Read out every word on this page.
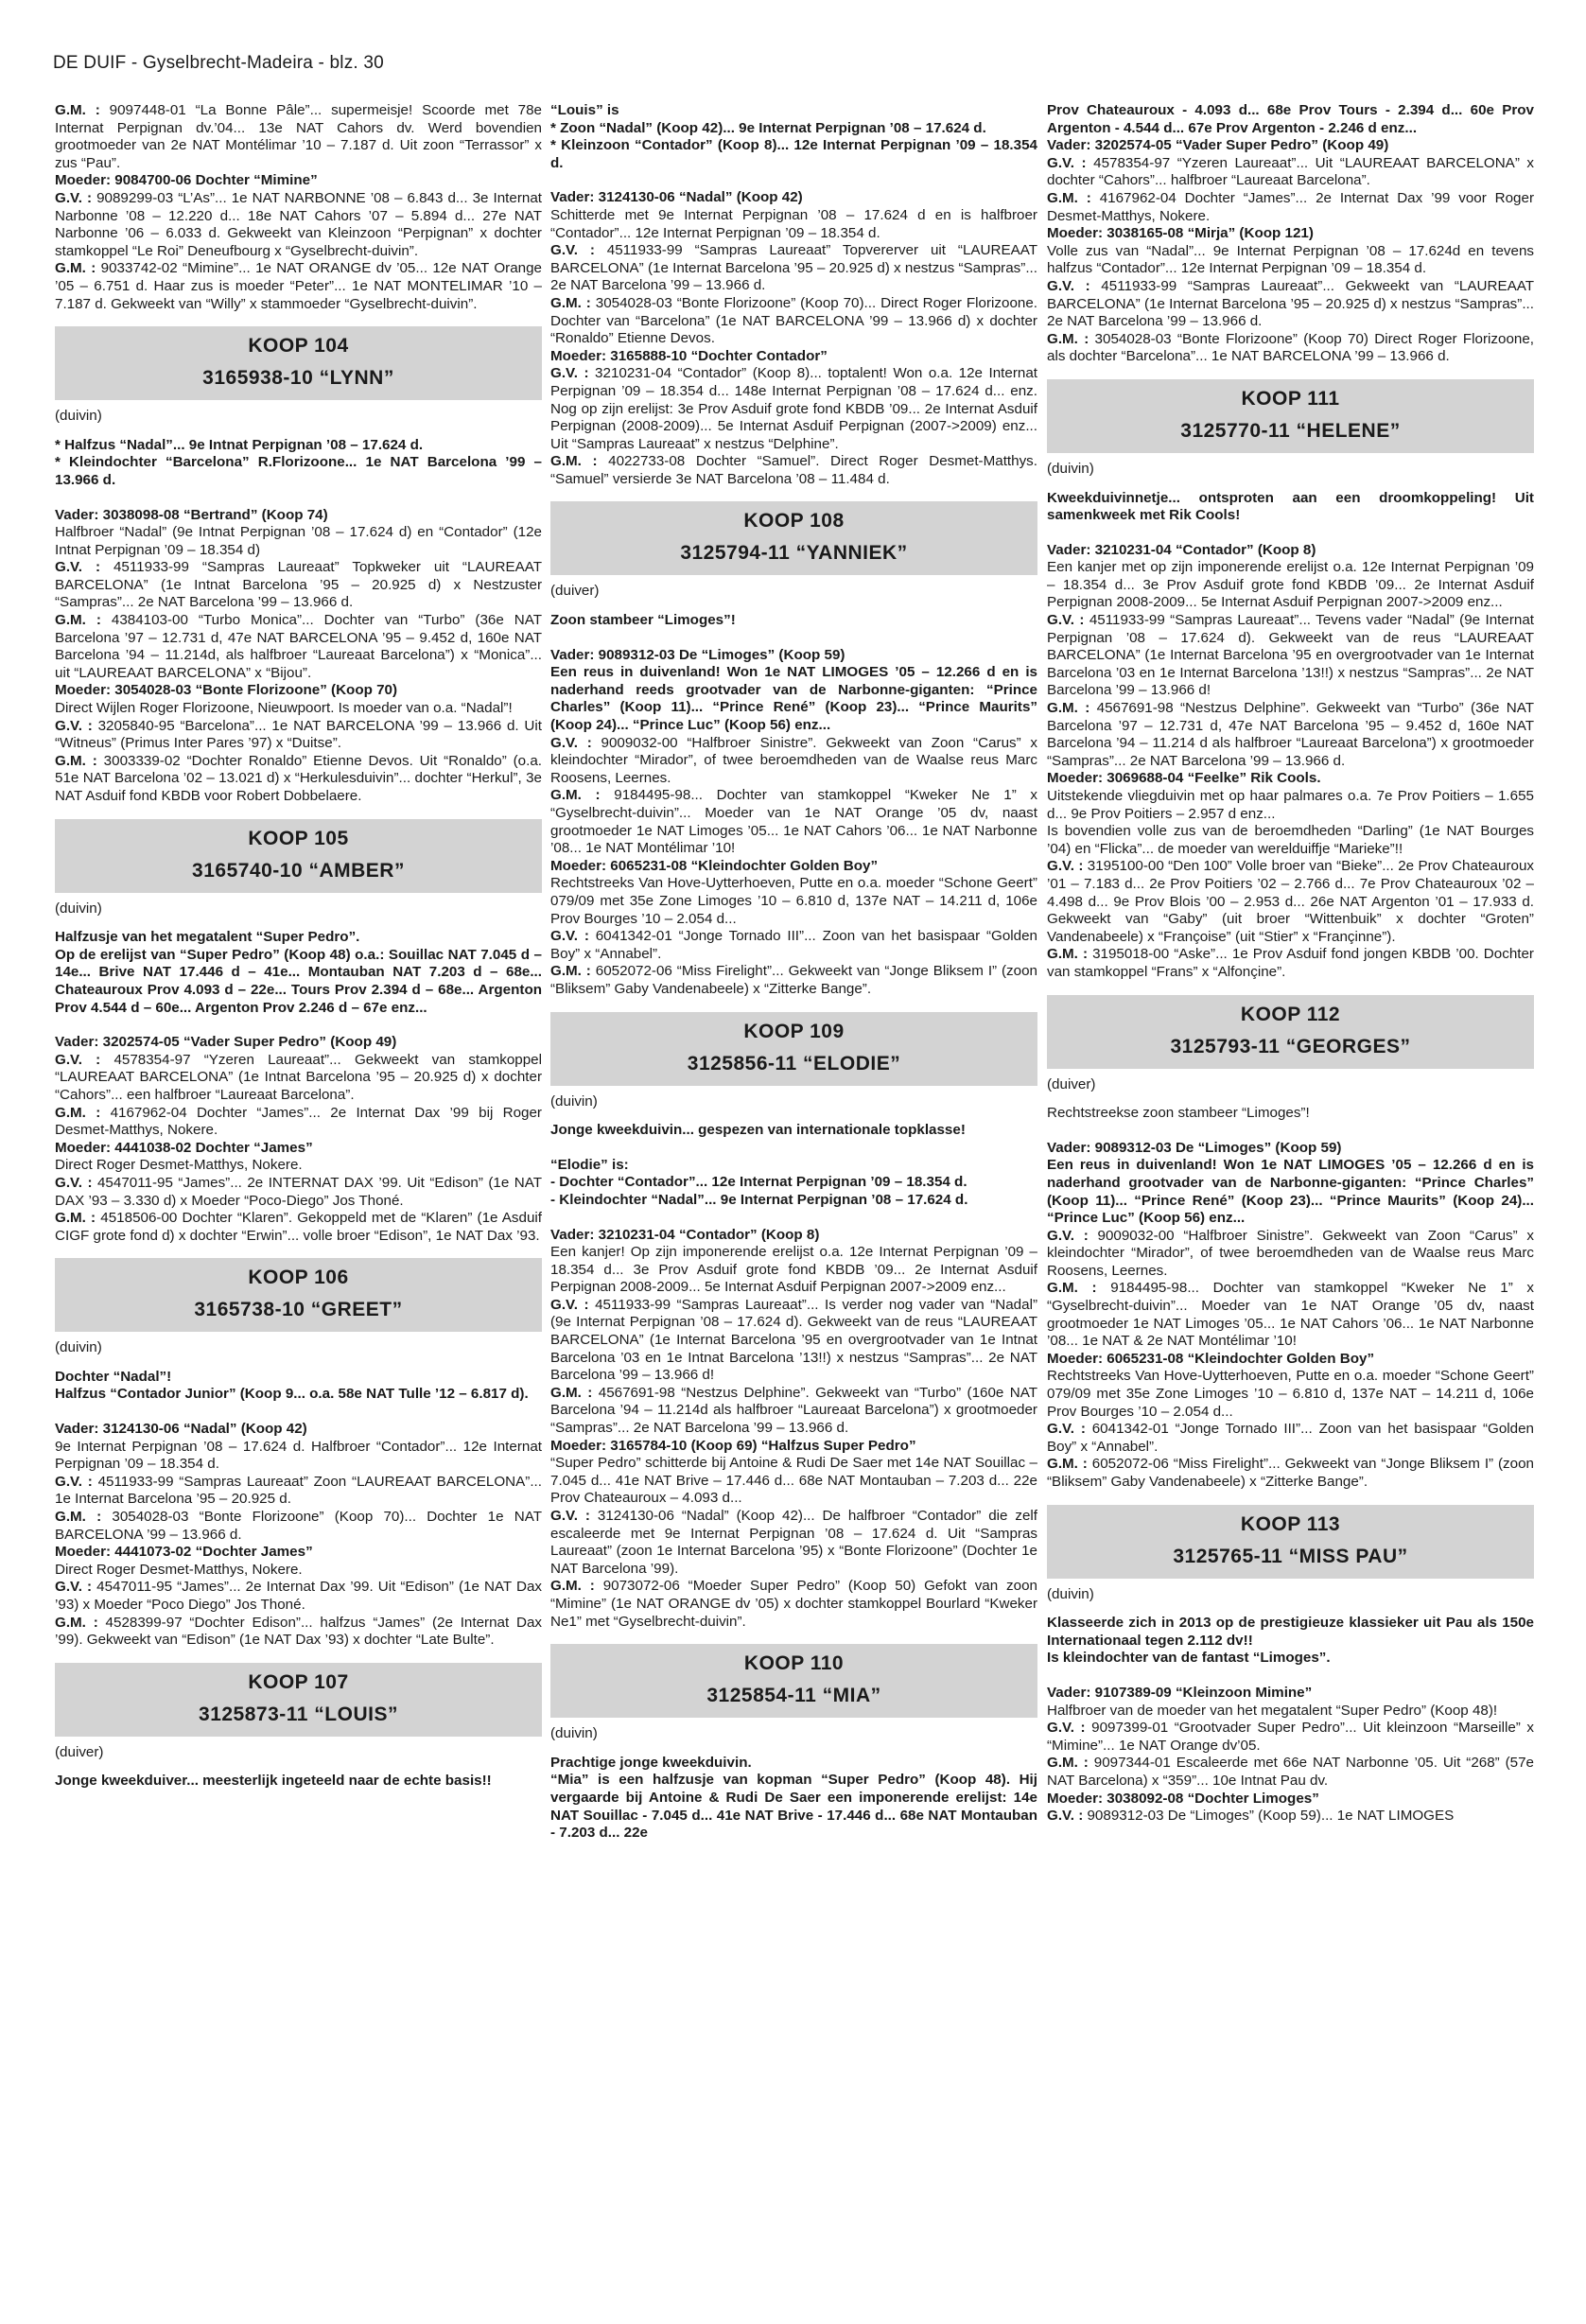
DE DUIF - Gyselbrecht-Madeira - blz. 30

G.M. : 9097448-01 “La Bonne Pâle”... supermeisje! Scoorde met 78e Internat Perpignan dv.’04... 13e NAT Cahors dv. Werd bovendien grootmoeder van 2e NAT Montélimar ’10 – 7.187 d. Uit zoon “Terrassor” x zus “Pau”.

Moeder: 9084700-06 Dochter “Mimine”

G.V. : 9089299-03 “L’As”... 1e NAT NARBONNE ’08 – 6.843 d... 3e Internat Narbonne ’08 – 12.220 d... 18e NAT Cahors ’07 – 5.894 d... 27e NAT Narbonne ’06 – 6.033 d. Gekweekt van Kleinzoon “Perpignan” x dochter stamkoppel “Le Roi” Deneufbourg x “Gyselbrecht-duivin”.

G.M. : 9033742-02 “Mimine”... 1e NAT ORANGE dv ’05... 12e NAT Orange ’05 – 6.751 d. Haar zus is moeder “Peter”... 1e NAT MONTELIMAR ’10 – 7.187 d. Gekweekt van “Willy” x stammoeder “Gyselbrecht-duivin”.

KOOP 104
3165938-10 “LYNN”
(duivin)

* Halfzus “Nadal”... 9e Intnat Perpignan ’08 – 17.624 d.

* Kleindochter “Barcelona” R.Florizoone... 1e NAT Barcelona ’99 – 13.966 d.

Vader: 3038098-08 “Bertrand” (Koop 74)

Halfbroer “Nadal” (9e Intnat Perpignan ’08 – 17.624 d) en “Contador” (12e Intnat Perpignan ’09 – 18.354 d)

G.V. : 4511933-99 “Sampras Laureaat” Topkweker uit “LAUREAAT BARCELONA” (1e Intnat Barcelona ’95 – 20.925 d) x Nestzuster “Sampras”... 2e NAT Barcelona ’99 – 13.966 d.

G.M. : 4384103-00 “Turbo Monica”... Dochter van “Turbo” (36e NAT Barcelona ’97 – 12.731 d, 47e NAT BARCELONA ’95 – 9.452 d, 160e NAT Barcelona ’94 – 11.214d, als halfbroer “Laureaat Barcelona”) x “Monica”... uit “LAUREAAT BARCELONA” x “Bijou”.

Moeder: 3054028-03 “Bonte Florizoone” (Koop 70)

Direct Wijlen Roger Florizoone, Nieuwpoort. Is moeder van o.a. “Nadal”!

G.V. : 3205840-95 “Barcelona”... 1e NAT BARCELONA ’99 – 13.966 d. Uit “Witneus” (Primus Inter Pares ’97) x “Duitse”.

G.M. : 3003339-02 “Dochter Ronaldo” Etienne Devos. Uit “Ronaldo” (o.a. 51e NAT Barcelona ’02 – 13.021 d) x “Herkulesduivin”... dochter “Herkul”, 3e NAT Asduif fond KBDB voor Robert Dobbelaere.

KOOP 105
3165740-10 “AMBER”
(duivin)

Halfzusje van het megatalent “Super Pedro”.

Op de erelijst van “Super Pedro” (Koop 48) o.a.: Souillac NAT 7.045 d – 14e... Brive NAT 17.446 d – 41e... Montauban NAT 7.203 d – 68e... Chateauroux Prov 4.093 d – 22e... Tours Prov 2.394 d – 68e... Argenton Prov 4.544 d – 60e... Argenton Prov 2.246 d – 67e enz...

Vader: 3202574-05 “Vader Super Pedro” (Koop 49)

G.V. : 4578354-97 “Yzeren Laureaat”... Gekweekt van stamkoppel “LAUREAAT BARCELONA” (1e Intnat Barcelona ’95 – 20.925 d) x dochter “Cahors”... een halfbroer “Laureaat Barcelona”.

G.M. : 4167962-04 Dochter “James”... 2e Internat Dax ’99 bij Roger Desmet-Matthys, Nokere.

Moeder: 4441038-02 Dochter “James”

Direct Roger Desmet-Matthys, Nokere.

G.V. : 4547011-95 “James”... 2e INTERNAT DAX ’99. Uit “Edison” (1e NAT DAX ’93 – 3.330 d) x Moeder “Poco-Diego” Jos Thoné.

G.M. : 4518506-00 Dochter “Klaren”. Gekoppeld met de “Klaren” (1e Asduif CIGF grote fond d) x dochter “Erwin”... volle broer “Edison”, 1e NAT Dax ’93.

KOOP 106
3165738-10 “GREET”
(duivin)

Dochter “Nadal”!

Halfzus “Contador Junior” (Koop 9... o.a. 58e NAT Tulle ’12 – 6.817 d).

Vader: 3124130-06 “Nadal” (Koop 42)

9e Internat Perpignan ’08 – 17.624 d. Halfbroer “Contador”... 12e Internat Perpignan ’09 – 18.354 d.

G.V. : 4511933-99 “Sampras Laureaat” Zoon “LAUREAAT BARCELONA”... 1e Internat Barcelona ’95 – 20.925 d.

G.M. : 3054028-03 “Bonte Florizoone” (Koop 70)... Dochter 1e NAT BARCELONA ’99 – 13.966 d.

Moeder: 4441073-02 “Dochter James”

Direct Roger Desmet-Matthys, Nokere.

G.V. : 4547011-95 “James”... 2e Internat Dax ’99. Uit “Edison” (1e NAT Dax ’93) x Moeder “Poco Diego” Jos Thoné.

G.M. : 4528399-97 “Dochter Edison”... halfzus “James” (2e Internat Dax ’99). Gekweekt van “Edison” (1e NAT Dax ’93) x dochter “Late Bulte”.

KOOP 107
3125873-11 “LOUIS”
(duiver)

Jonge kweekduiver... meesterlijk ingeteeld naar de echte basis!!

“Louis” is

* Zoon “Nadal” (Koop 42)... 9e Internat Perpignan ’08 – 17.624 d.

* Kleinzoon “Contador” (Koop 8)... 12e Internat Perpignan ’09 – 18.354 d.

Vader: 3124130-06 “Nadal” (Koop 42)

Schitterde met 9e Internat Perpignan ’08 – 17.624 d en is halfbroer “Contador”... 12e Internat Perpignan ’09 – 18.354 d.

G.V. : 4511933-99 “Sampras Laureaat” Topvererver uit “LAUREAAT BARCELONA” (1e Internat Barcelona ’95 – 20.925 d) x nestzus “Sampras”... 2e NAT Barcelona ’99 – 13.966 d.

G.M. : 3054028-03 “Bonte Florizoone” (Koop 70)... Direct Roger Florizoone. Dochter van “Barcelona” (1e NAT BARCELONA ’99 – 13.966 d) x dochter “Ronaldo” Etienne Devos.

Moeder: 3165888-10 “Dochter Contador”

G.V. : 3210231-04 “Contador” (Koop 8)... toptalent! Won o.a. 12e Internat Perpignan ’09 – 18.354 d... 148e Internat Perpignan ’08 – 17.624 d... enz. Nog op zijn erelijst: 3e Prov Asduif grote fond KBDB ’09... 2e Internat Asduif Perpignan (2008-2009)... 5e Internat Asduif Perpignan (2007->2009) enz... Uit “Sampras Laureaat” x nestzus “Delphine”.

G.M. : 4022733-08 Dochter “Samuel”. Direct Roger Desmet-Matthys. “Samuel” versierde 3e NAT Barcelona ’08 – 11.484 d.

KOOP 108
3125794-11 “YANNIEK”
(duiver)

Zoon stambeer “Limoges”!

Vader: 9089312-03 De “Limoges” (Koop 59)

Een reus in duivenland! Won 1e NAT LIMOGES ’05 – 12.266 d en is naderhand reeds grootvader van de Narbonne-giganten: “Prince Charles” (Koop 11)... “Prince René” (Koop 23)... “Prince Maurits” (Koop 24)... “Prince Luc” (Koop 56) enz...

G.V. : 9009032-00 “Halfbroer Sinistre”. Gekweekt van Zoon “Carus” x kleindochter “Mirador”, of twee beroemdheden van de Waalse reus Marc Roosens, Leernes.

G.M. : 9184495-98... Dochter van stamkoppel “Kweker Ne 1” x “Gyselbrecht-duivin”... Moeder van 1e NAT Orange ’05 dv, naast grootmoeder 1e NAT Limoges ’05... 1e NAT Cahors ’06... 1e NAT Narbonne ’08... 1e NAT Montélimar ’10!

Moeder: 6065231-08 “Kleindochter Golden Boy”

Rechtstreeks Van Hove-Uytterhoeven, Putte en o.a. moeder “Schone Geert” 079/09 met 35e Zone Limoges ’10 – 6.810 d, 137e NAT – 14.211 d, 106e Prov Bourges ’10 – 2.054 d...

G.V. : 6041342-01 “Jonge Tornado III”... Zoon van het basispaar “Golden Boy” x “Annabel”.

G.M. : 6052072-06 “Miss Firelight”... Gekweekt van “Jonge Bliksem I” (zoon “Bliksem” Gaby Vandenabeele) x “Zitterke Bange”.

KOOP 109
3125856-11 “ELODIE”
(duivin)

Jonge kweekduivin... gespezen van internationale topklasse!

“Elodie” is:

- Dochter “Contador”... 12e Internat Perpignan ’09 – 18.354 d.

- Kleindochter “Nadal”... 9e Internat Perpignan ’08 – 17.624 d.

Vader: 3210231-04 “Contador” (Koop 8)

Een kanjer! Op zijn imponerende erelijst o.a. 12e Internat Perpignan ’09 – 18.354 d... 3e Prov Asduif grote fond KBDB ’09... 2e Internat Asduif Perpignan 2008-2009... 5e Internat Asduif Perpignan 2007->2009 enz...

G.V. : 4511933-99 “Sampras Laureaat”... Is verder nog vader van “Nadal” (9e Internat Perpignan ’08 – 17.624 d). Gekweekt van de reus “LAUREAAT BARCELONA” (1e Internat Barcelona ’95 en overgrootvader van 1e Intnat Barcelona ’03 en 1e Intnat Barcelona ’13!!) x nestzus “Sampras”... 2e NAT Barcelona ’99 – 13.966 d!

G.M. : 4567691-98 “Nestzus Delphine”. Gekweekt van “Turbo” (160e NAT Barcelona ’94 – 11.214d als halfbroer “Laureaat Barcelona”) x grootmoeder “Sampras”... 2e NAT Barcelona ’99 – 13.966 d.

Moeder: 3165784-10 (Koop 69) “Halfzus Super Pedro”

“Super Pedro” schitterde bij Antoine & Rudi De Saer met 14e NAT Souillac – 7.045 d... 41e NAT Brive – 17.446 d... 68e NAT Montauban – 7.203 d... 22e Prov Chateauroux – 4.093 d...

G.V. : 3124130-06 “Nadal” (Koop 42)... De halfbroer “Contador” die zelf escaleerde met 9e Internat Perpignan ’08 – 17.624 d. Uit “Sampras Laureaat” (zoon 1e Internat Barcelona ’95) x “Bonte Florizoone” (Dochter 1e NAT Barcelona ’99).

G.M. : 9073072-06 “Moeder Super Pedro” (Koop 50) Gefokt van zoon “Mimine” (1e NAT ORANGE dv ’05) x dochter stamkoppel Bourlard “Kweker Ne1” met “Gyselbrecht-duivin”.

KOOP 110
3125854-11 “MIA”
(duivin)

Prachtige jonge kweekduivin.

“Mia” is een halfzusje van kopman “Super Pedro” (Koop 48). Hij vergaarde bij Antoine & Rudi De Saer een imponerende erelijst: 14e NAT Souillac - 7.045 d... 41e NAT Brive - 17.446 d... 68e NAT Montauban - 7.203 d... 22e

Prov Chateauroux - 4.093 d... 68e Prov Tours - 2.394 d... 60e Prov Argenton - 4.544 d... 67e Prov Argenton - 2.246 d enz...

Vader: 3202574-05 “Vader Super Pedro” (Koop 49)

G.V. : 4578354-97 “Yzeren Laureaat”... Uit “LAUREAAT BARCELONA” x dochter “Cahors”... halfbroer “Laureaat Barcelona”.

G.M. : 4167962-04 Dochter “James”... 2e Internat Dax ’99 voor Roger Desmet-Matthys, Nokere.

Moeder: 3038165-08 “Mirja” (Koop 121)

Volle zus van “Nadal”... 9e Internat Perpignan ’08 – 17.624d en tevens halfzus “Contador”... 12e Internat Perpignan ’09 – 18.354 d.

G.V. : 4511933-99 “Sampras Laureaat”... Gekweekt van “LAUREAAT BARCELONA” (1e Internat Barcelona ’95 – 20.925 d) x nestzus “Sampras”... 2e NAT Barcelona ’99 – 13.966 d.

G.M. : 3054028-03 “Bonte Florizoone” (Koop 70) Direct Roger Florizoone, als dochter “Barcelona”... 1e NAT BARCELONA ’99 – 13.966 d.

KOOP 111
3125770-11 “HELENE”
(duivin)

Kweekduivinnetje... ontsproten aan een droomkoppeling! Uit samenkweek met Rik Cools!

Vader: 3210231-04 “Contador” (Koop 8)

Een kanjer met op zijn imponerende erelijst o.a. 12e Internat Perpignan ’09 – 18.354 d... 3e Prov Asduif grote fond KBDB ’09... 2e Internat Asduif Perpignan 2008-2009... 5e Internat Asduif Perpignan 2007->2009 enz...

G.V. : 4511933-99 “Sampras Laureaat”... Tevens vader “Nadal” (9e Internat Perpignan ’08 – 17.624 d). Gekweekt van de reus “LAUREAAT BARCELONA” (1e Internat Barcelona ’95 en overgrootvader van 1e Internat Barcelona ’03 en 1e Internat Barcelona ’13!!) x nestzus “Sampras”... 2e NAT Barcelona ’99 – 13.966 d!

G.M. : 4567691-98 “Nestzus Delphine”. Gekweekt van “Turbo” (36e NAT Barcelona ’97 – 12.731 d, 47e NAT Barcelona ’95 – 9.452 d, 160e NAT Barcelona ’94 – 11.214 d als halfbroer “Laureaat Barcelona”) x grootmoeder “Sampras”... 2e NAT Barcelona ’99 – 13.966 d.

Moeder: 3069688-04 “Feelke” Rik Cools.

Uitstekende vliegduivin met op haar palmares o.a. 7e Prov Poitiers – 1.655 d... 9e Prov Poitiers – 2.957 d enz...

Is bovendien volle zus van de beroemdheden “Darling” (1e NAT Bourges ’04) en “Flicka”... de moeder van werelduiffje “Marieke”!!

G.V. : 3195100-00 “Den 100” Volle broer van “Bieke”... 2e Prov Chateauroux ’01 – 7.183 d... 2e Prov Poitiers ’02 – 2.766 d... 7e Prov Chateauroux ’02 – 4.498 d... 9e Prov Blois ’00 – 2.953 d... 26e NAT Argenton ’01 – 17.933 d. Gekweekt van “Gaby” (uit broer “Wittenbuik” x dochter “Groten” Vandenabeele) x “Françoise” (uit “Stier” x “Françinne”).

G.M. : 3195018-00 “Aske”... 1e Prov Asduif fond jongen KBDB ’00. Dochter van stamkoppel “Frans” x “Alfonçine”.

KOOP 112
3125793-11 “GEORGES”
(duiver)

Rechtstreekse zoon stambeer “Limoges”!

Vader: 9089312-03 De “Limoges” (Koop 59)

Een reus in duivenland! Won 1e NAT LIMOGES ’05 – 12.266 d en is naderhand grootvader van de Narbonne-giganten: “Prince Charles” (Koop 11)... “Prince René” (Koop 23)... “Prince Maurits” (Koop 24)... “Prince Luc” (Koop 56) enz...

G.V. : 9009032-00 “Halfbroer Sinistre”. Gekweekt van Zoon “Carus” x kleindochter “Mirador”, of twee beroemdheden van de Waalse reus Marc Roosens, Leernes.

G.M. : 9184495-98... Dochter van stamkoppel “Kweker Ne 1” x “Gyselbrecht-duivin”... Moeder van 1e NAT Orange ’05 dv, naast grootmoeder 1e NAT Limoges ’05... 1e NAT Cahors ’06... 1e NAT Narbonne ’08... 1e NAT & 2e NAT Montélimar ’10!

Moeder: 6065231-08 “Kleindochter Golden Boy”

Rechtstreeks Van Hove-Uytterhoeven, Putte en o.a. moeder “Schone Geert” 079/09 met 35e Zone Limoges ’10 – 6.810 d, 137e NAT – 14.211 d, 106e Prov Bourges ’10 – 2.054 d...

G.V. : 6041342-01 “Jonge Tornado III”... Zoon van het basispaar “Golden Boy” x “Annabel”.

G.M. : 6052072-06 “Miss Firelight”... Gekweekt van “Jonge Bliksem I” (zoon “Bliksem” Gaby Vandenabeele) x “Zitterke Bange”.

KOOP 113
3125765-11 “MISS PAU”
(duivin)

Klasseerde zich in 2013 op de prestigieuze klassieker uit Pau als 150e Internationaal tegen 2.112 dv!!

Is kleindochter van de fantast “Limoges”.

Vader: 9107389-09 “Kleinzoon Mimine”

Halfbroer van de moeder van het megatalent “Super Pedro” (Koop 48)!

G.V. : 9097399-01 “Grootvader Super Pedro”... Uit kleinzoon “Marseille” x “Mimine”... 1e NAT Orange dv’05.

G.M. : 9097344-01 Escaleerde met 66e NAT Narbonne ’05. Uit “268” (57e NAT Barcelona) x “359”... 10e Intnat Pau dv.

Moeder: 3038092-08 “Dochter Limoges”

G.V. : 9089312-03 De “Limoges” (Koop 59)... 1e NAT LIMOGES
